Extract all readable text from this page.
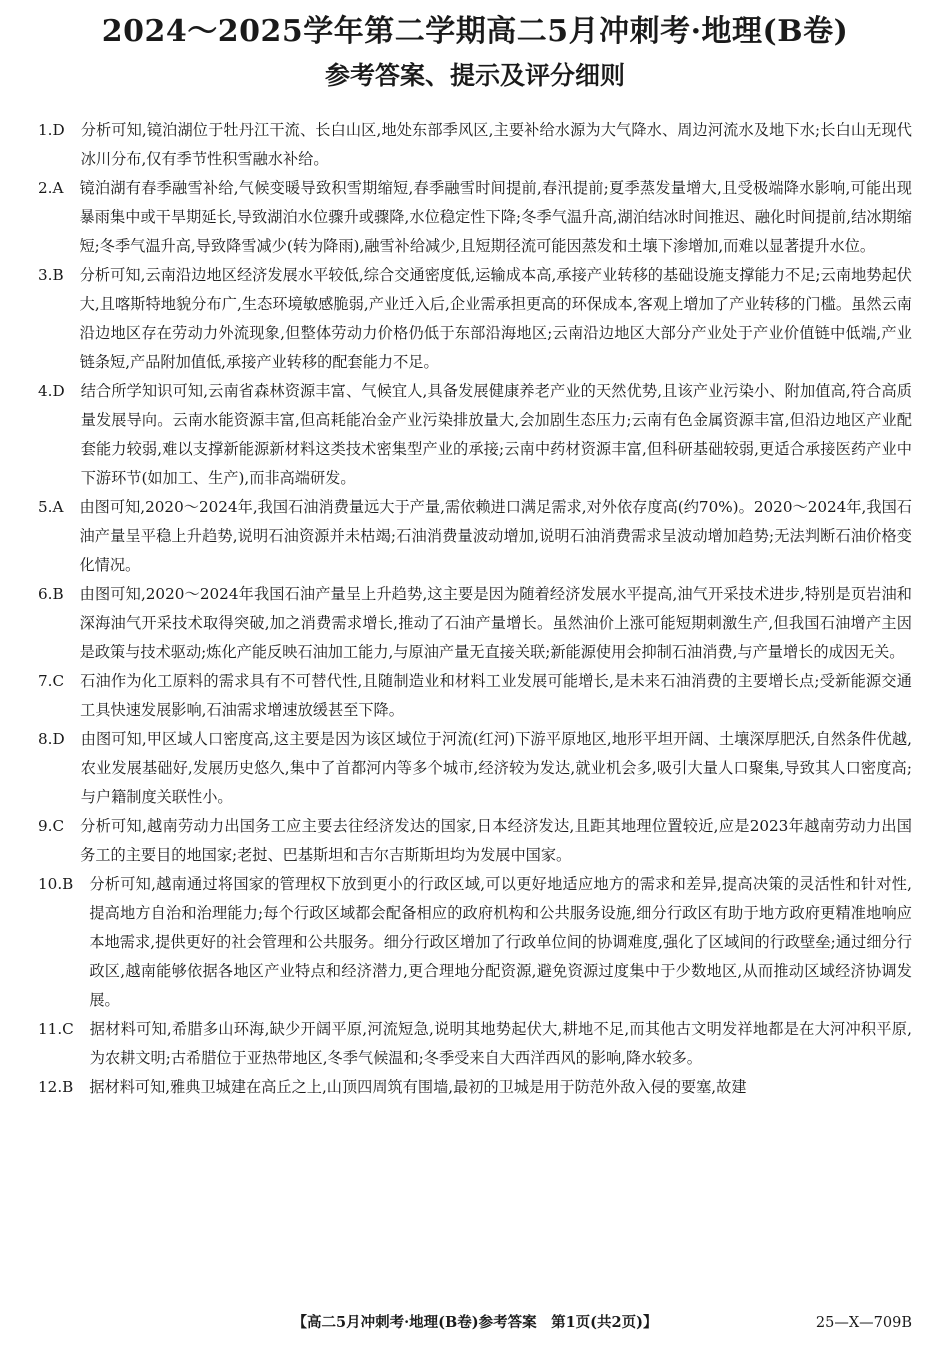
2024～2025学年第二学期高二5月冲刺考·地理(B卷)
参考答案、提示及评分细则
1. D 分析可知,镜泊湖位于牡丹江干流、长白山区,地处东部季风区,主要补给水源为大气降水、周边河流水及地下水;长白山无现代冰川分布,仅有季节性积雪融水补给。
2. A 镜泊湖有春季融雪补给,气候变暖导致积雪期缩短,春季融雪时间提前,春汛提前;夏季蒸发量增大,且受极端降水影响,可能出现暴雨集中或干旱期延长,导致湖泊水位骤升或骤降,水位稳定性下降;冬季气温升高,湖泊结冰时间推迟、融化时间提前,结冰期缩短;冬季气温升高,导致降雪减少(转为降雨),融雪补给减少,且短期径流可能因蒸发和土壤下渗增加,而难以显著提升水位。
3. B 分析可知,云南沿边地区经济发展水平较低,综合交通密度低,运输成本高,承接产业转移的基础设施支撑能力不足;云南地势起伏大,且喀斯特地貌分布广,生态环境敏感脆弱,产业迁入后,企业需承担更高的环保成本,客观上增加了产业转移的门槛。虽然云南沿边地区存在劳动力外流现象,但整体劳动力价格仍低于东部沿海地区;云南沿边地区大部分产业处于产业价值链中低端,产业链条短,产品附加值低,承接产业转移的配套能力不足。
4. D 结合所学知识可知,云南省森林资源丰富、气候宜人,具备发展健康养老产业的天然优势,且该产业污染小、附加值高,符合高质量发展导向。云南水能资源丰富,但高耗能冶金产业污染排放量大,会加剧生态压力;云南有色金属资源丰富,但沿边地区产业配套能力较弱,难以支撑新能源新材料这类技术密集型产业的承接;云南中药材资源丰富,但科研基础较弱,更适合承接医药产业中下游环节(如加工、生产),而非高端研发。
5. A 由图可知,2020～2024年,我国石油消费量远大于产量,需依赖进口满足需求,对外依存度高(约70%)。2020～2024年,我国石油产量呈平稳上升趋势,说明石油资源并未枯竭;石油消费量波动增加,说明石油消费需求呈波动增加趋势;无法判断石油价格变化情况。
6. B 由图可知,2020～2024年我国石油产量呈上升趋势,这主要是因为随着经济发展水平提高,油气开采技术进步,特别是页岩油和深海油气开采技术取得突破,加之消费需求增长,推动了石油产量增长。虽然油价上涨可能短期刺激生产,但我国石油增产主因是政策与技术驱动;炼化产能反映石油加工能力,与原油产量无直接关联;新能源使用会抑制石油消费,与产量增长的成因无关。
7. C 石油作为化工原料的需求具有不可替代性,且随制造业和材料工业发展可能增长,是未来石油消费的主要增长点;受新能源交通工具快速发展影响,石油需求增速放缓甚至下降。
8. D 由图可知,甲区域人口密度高,这主要是因为该区域位于河流(红河)下游平原地区,地形平坦开阔、土壤深厚肥沃,自然条件优越,农业发展基础好,发展历史悠久,集中了首都河内等多个城市,经济较为发达,就业机会多,吸引大量人口聚集,导致其人口密度高;与户籍制度关联性小。
9. C 分析可知,越南劳动力出国务工应主要去往经济发达的国家,日本经济发达,且距其地理位置较近,应是2023年越南劳动力出国务工的主要目的地国家;老挝、巴基斯坦和吉尔吉斯斯坦均为发展中国家。
10. B 分析可知,越南通过将国家的管理权下放到更小的行政区域,可以更好地适应地方的需求和差异,提高决策的灵活性和针对性,提高地方自治和治理能力;每个行政区域都会配备相应的政府机构和公共服务设施,细分行政区有助于地方政府更精准地响应本地需求,提供更好的社会管理和公共服务。细分行政区增加了行政单位间的协调难度,强化了区域间的行政壁垒;通过细分行政区,越南能够依据各地区产业特点和经济潜力,更合理地分配资源,避免资源过度集中于少数地区,从而推动区域经济协调发展。
11. C 据材料可知,希腊多山环海,缺少开阔平原,河流短急,说明其地势起伏大,耕地不足,而其他古文明发祥地都是在大河冲积平原,为农耕文明;古希腊位于亚热带地区,冬季气候温和;冬季受来自大西洋西风的影响,降水较多。
12. B 据材料可知,雅典卫城建在高丘之上,山顶四周筑有围墙,最初的卫城是用于防范外敌入侵的要塞,故建
【高二5月冲刺考·地理(B卷)参考答案　第1页(共2页)】	25—X—709B
